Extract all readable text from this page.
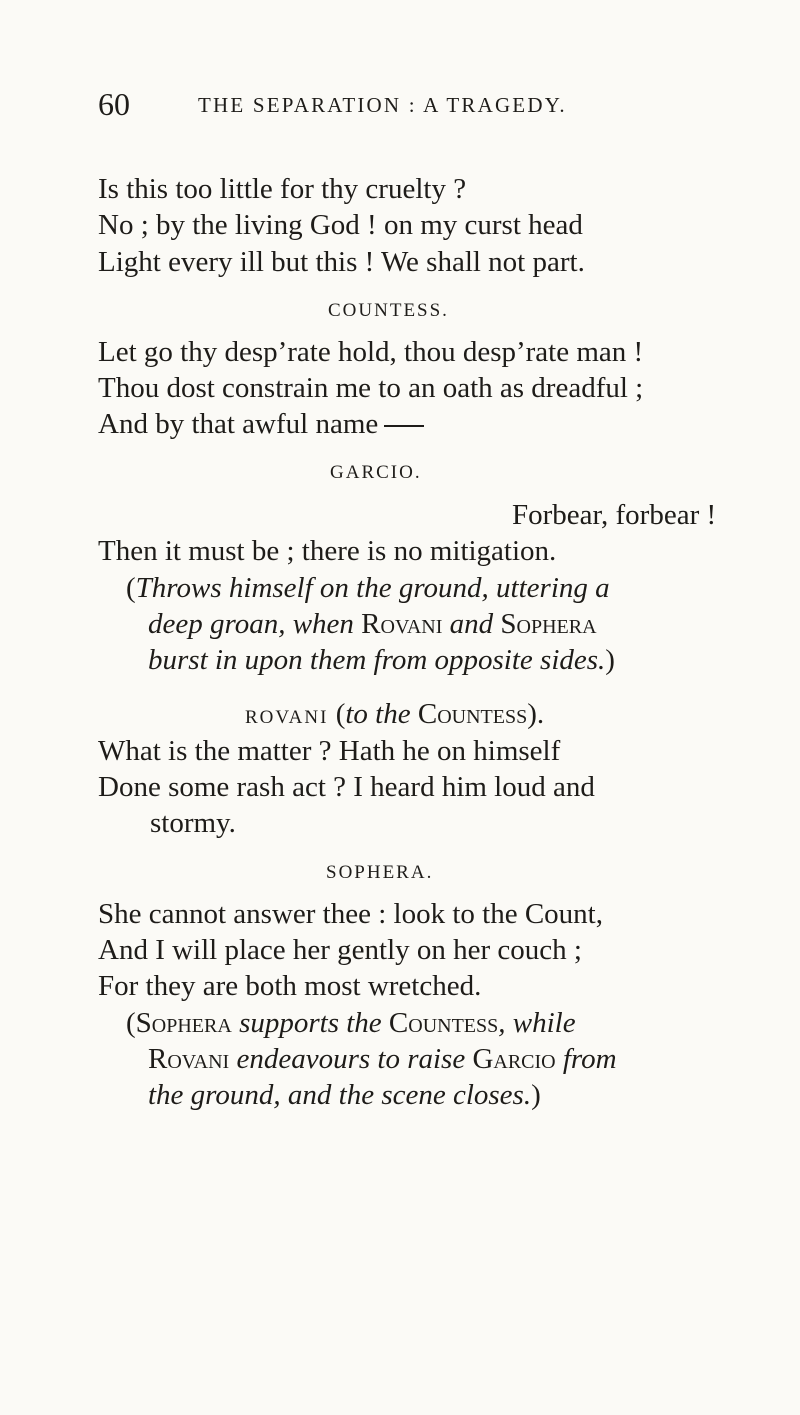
60	THE SEPARATION : A TRAGEDY.
Is this too little for thy cruelty ?
No ; by the living God ! on my curst head
Light every ill but this ! We shall not part.
COUNTESS.
Let go thy desp’rate hold, thou desp’rate man !
Thou dost constrain me to an oath as dreadful ;
And by that awful name
GARCIO.
Forbear, forbear !
Then it must be ; there is no mitigation.
(Throws himself on the ground, uttering a
deep groan, when Rovani and Sophera
burst in upon them from opposite sides.)
ROVANI (to the Countess).
What is the matter ? Hath he on himself
Done some rash act ? I heard him loud and
stormy.
SOPHERA.
She cannot answer thee : look to the Count,
And I will place her gently on her couch ;
For they are both most wretched.
(Sophera supports the Countess, while
Rovani endeavours to raise Garcio from
the ground, and the scene closes.)
